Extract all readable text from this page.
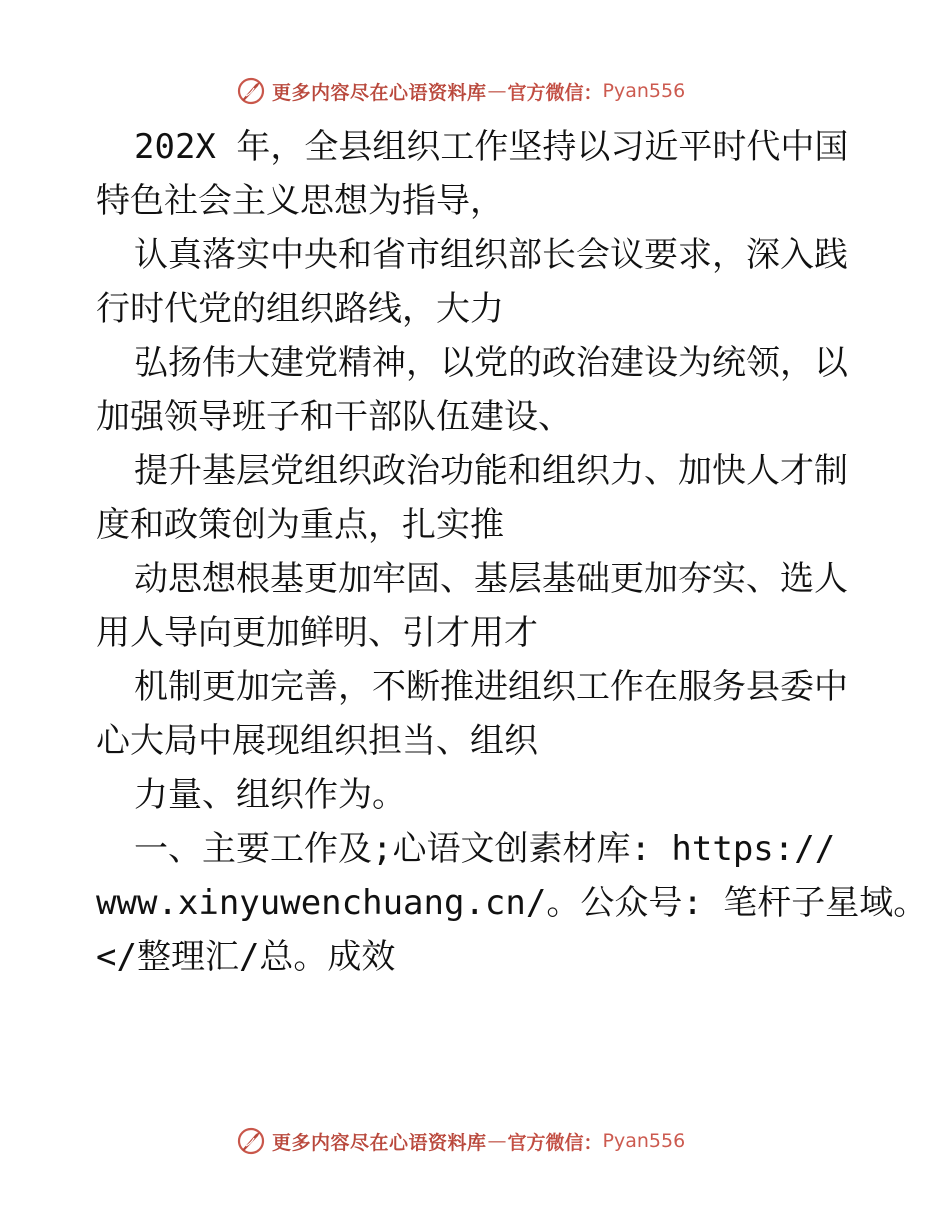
更多内容尽在心语资料库 — 官方微信： Pyan556
202X 年，全县组织工作坚持以习近平时代中国
特色社会主义思想为指导，
认真落实中央和省市组织部长会议要求，深入践
行时代党的组织路线，大力
弘扬伟大建党精神，以党的政治建设为统领，以
加强领导班子和干部队伍建设、
提升基层党组织政治功能和组织力、加快人才制
度和政策创为重点，扎实推
动思想根基更加牢固、基层基础更加夯实、选人
用人导向更加鲜明、引才用才
机制更加完善，不断推进组织工作在服务县委中
心大局中展现组织担当、组织
力量、组织作为。
一、主要工作及;心语文创素材库: https://
www.xinyuwenchuang.cn/。公众号: 笔杆子星域。
</整理汇/总。成效
更多内容尽在心语资料库 — 官方微信： Pyan556
